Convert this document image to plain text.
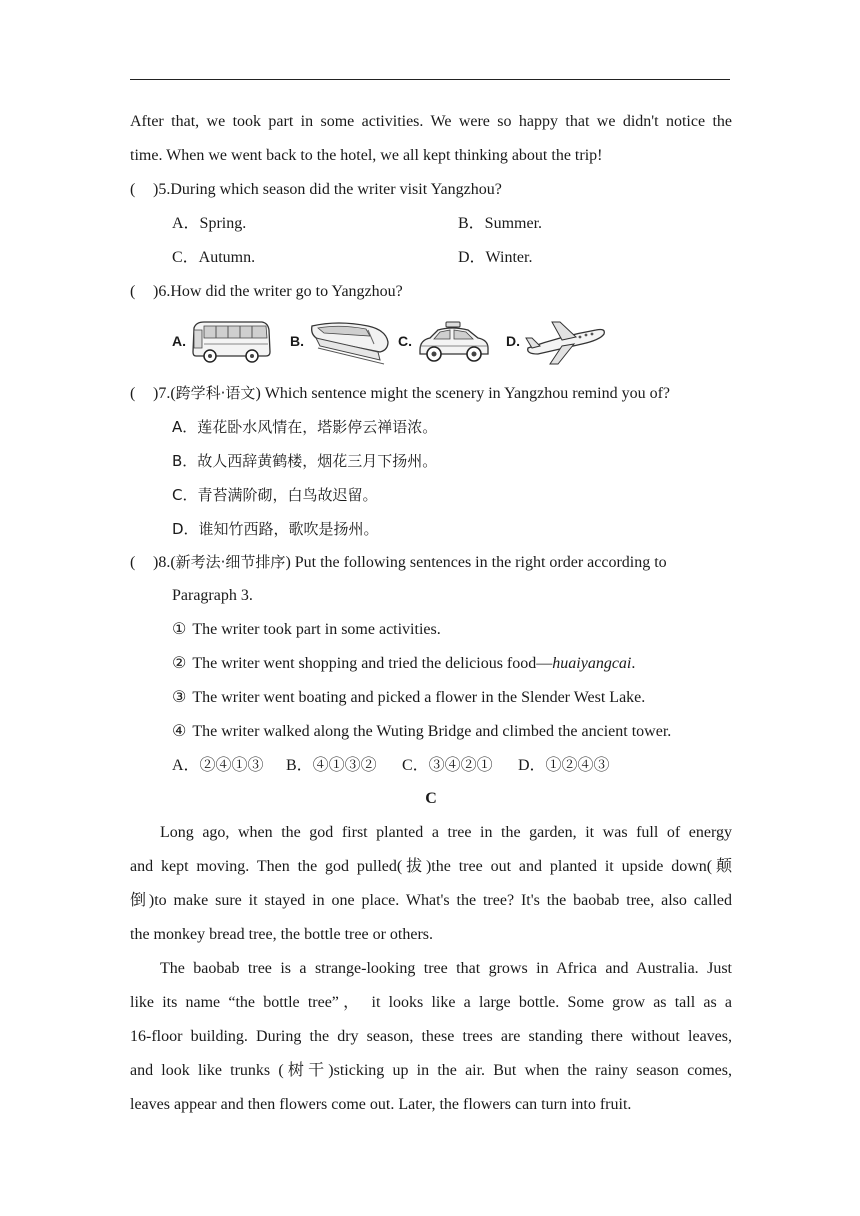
After that, we took part in some activities. We were so happy that we didn't notice the
time. When we went back to the hotel, we all kept thinking about the trip!
( )5.During which season did the writer visit Yangzhou?
A．Spring.	B．Summer.
C．Autumn.	D．Winter.
( )6.How did the writer go to Yangzhou?
A.	B.	C.	D.
( )7.(跨学科·语文) Which sentence might the scenery in Yangzhou remind you of?
A．莲花卧水风情在，塔影停云禅语浓。
B．故人西辞黄鹤楼，烟花三月下扬州。
C．青苔满阶砌，白鸟故迟留。
D．谁知竹西路，歌吹是扬州。
( )8.(新考法·细节排序) Put the following sentences in the right order according to
Paragraph 3.
① The writer took part in some activities.
② The writer went shopping and tried the delicious food—huaiyangcai.
③ The writer went boating and picked a flower in the Slender West Lake.
④ The writer walked along the Wuting Bridge and climbed the ancient tower.
A．②④①③ B．④①③② C．③④②① D．①②④③
C
Long ago, when the god first planted a tree in the garden, it was full of energy
and kept moving. Then the god pulled(拔)the tree out and planted it upside down(颠
倒)to make sure it stayed in one place. What's the tree? It's the baobab tree, also called
the monkey bread tree, the bottle tree or others.
The baobab tree is a strange-looking tree that grows in Africa and Australia. Just
like its name “the bottle tree”， it looks like a large bottle. Some grow as tall as a
16-floor building. During the dry season, these trees are standing there without leaves,
and look like trunks (树干)sticking up in the air. But when the rainy season comes,
leaves appear and then flowers come out. Later, the flowers can turn into fruit.
